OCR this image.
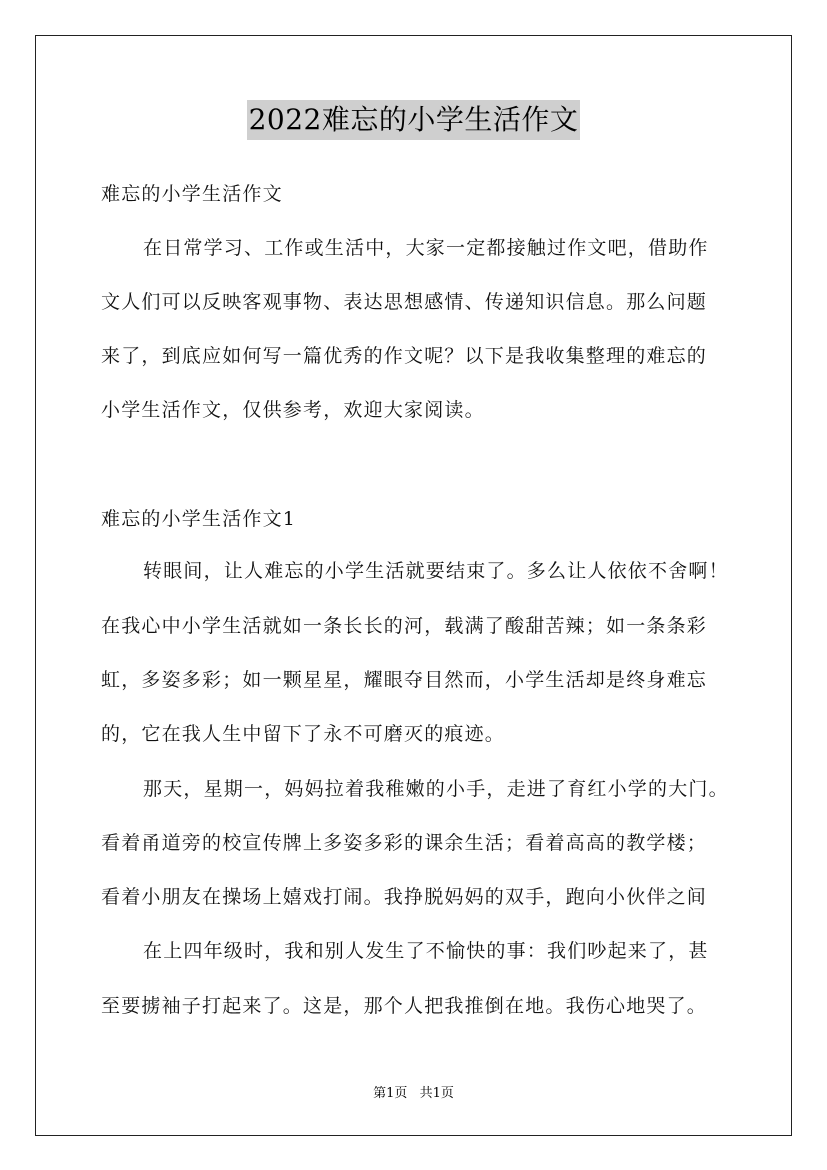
2022难忘的小学生活作文
难忘的小学生活作文
在日常学习、工作或生活中，大家一定都接触过作文吧，借助作
文人们可以反映客观事物、表达思想感情、传递知识信息。那么问题
来了，到底应如何写一篇优秀的作文呢？以下是我收集整理的难忘的
小学生活作文，仅供参考，欢迎大家阅读。
难忘的小学生活作文1
转眼间，让人难忘的小学生活就要结束了。多么让人依依不舍啊！
在我心中小学生活就如一条长长的河，载满了酸甜苦辣；如一条条彩
虹，多姿多彩；如一颗星星，耀眼夺目然而，小学生活却是终身难忘
的，它在我人生中留下了永不可磨灭的痕迹。
那天，星期一，妈妈拉着我稚嫩的小手，走进了育红小学的大门。
看着甬道旁的校宣传牌上多姿多彩的课余生活；看着高高的教学楼；
看着小朋友在操场上嬉戏打闹。我挣脱妈妈的双手，跑向小伙伴之间
在上四年级时，我和别人发生了不愉快的事：我们吵起来了，甚
至要掳袖子打起来了。这是，那个人把我推倒在地。我伤心地哭了。
第1页 共1页
